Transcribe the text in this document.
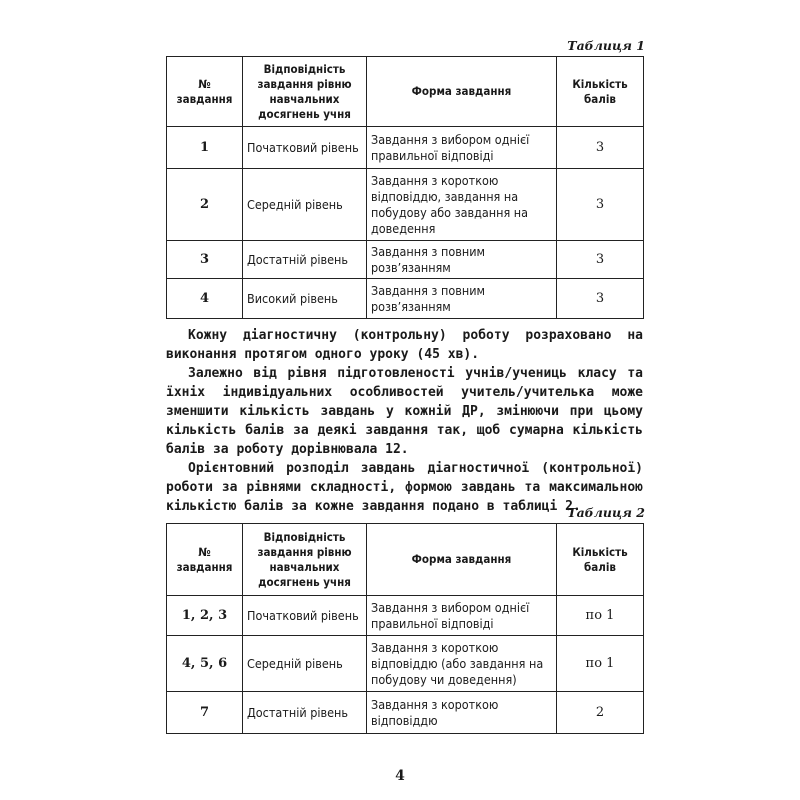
Таблиця 1
№ завдання	Відповідність завдання рівню навчальних досягнень учня	Форма завдання	Кількість балів
1	Початковий рівень	Завдання з вибором однієї правильної відповіді	3
2	Середній рівень	Завдання з короткою відповіддю, завдання на побудову або завдання на доведення	3
3	Достатній рівень	Завдання з повним розв’язанням	3
4	Високий рівень	Завдання з повним розв’язанням	3

Кожну діагностичну (контрольну) роботу розраховано на виконання протягом одного уроку (45 хв).

Залежно від рівня підготовленості учнів/учениць класу та їхніх індивідуальних особливостей учитель/учителька може зменшити кількість завдань у кожній ДР, змінюючи при цьому кількість балів за деякі завдання так, щоб сумарна кількість балів за роботу дорівнювала 12.

Орієнтовний розподіл завдань діагностичної (контрольної) роботи за рівнями складності, формою завдань та максимальною кількістю балів за кожне завдання подано в таблиці 2.

Таблиця 2
№ завдання	Відповідність завдання рівню навчальних досягнень учня	Форма завдання	Кількість балів
1, 2, 3	Початковий рівень	Завдання з вибором однієї правильної відповіді	по 1
4, 5, 6	Середній рівень	Завдання з короткою відповіддю (або завдання на побудову чи доведення)	по 1
7	Достатній рівень	Завдання з короткою відповіддю	2
4
